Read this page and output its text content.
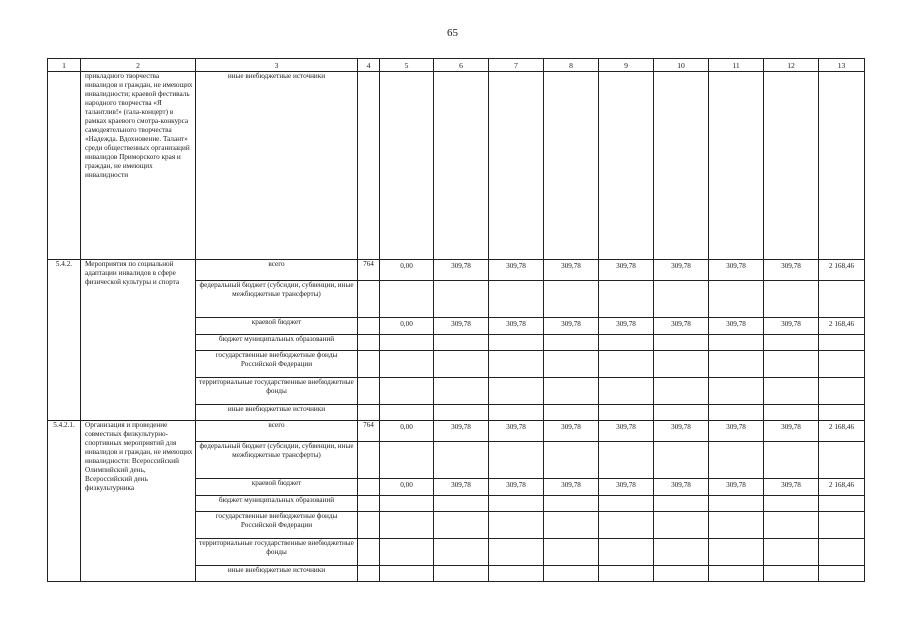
65
1	2	3	4	5	6	7	8	9	10	11	12	13
	прикладного творчества инвалидов и граждан, не имеющих инвалидности; краевой фестиваль народного творчества «Я талантлив!» (гала-концерт) в рамках краевого смотра-конкурса самодеятельного творчества «Надежда. Вдохновение. Талант» среди общественных организаций инвалидов Приморского края и граждан, не имеющих инвалидности	иные внебюджетные источники										
5.4.2.	Мероприятия по социальной адаптации инвалидов в сфере физической культуры и спорта	всего	764	0,00	309,78	309,78	309,78	309,78	309,78	309,78	309,78	2 168,46
		федеральный бюджет (субсидии, субвенции, иные межбюджетные трансферты)										
		краевой бюджет		0,00	309,78	309,78	309,78	309,78	309,78	309,78	309,78	2 168,46
		бюджет муниципальных образований										
		государственные внебюджетные фонды Российской Федерации										
		территориальные государственные внебюджетные фонды										
		иные внебюджетные источники										
5.4.2.1.	Организация и проведение совместных физкультурно-спортивных мероприятий для инвалидов и граждан, не имеющих инвалидности: Всероссийский Олимпийский день, Всероссийский день физкультурника	всего	764	0,00	309,78	309,78	309,78	309,78	309,78	309,78	309,78	2 168,46
		федеральный бюджет (субсидии, субвенции, иные межбюджетные трансферты)										
		краевой бюджет		0,00	309,78	309,78	309,78	309,78	309,78	309,78	309,78	2 168,46
		бюджет муниципальных образований										
		государственные внебюджетные фонды Российской Федерации										
		территориальные государственные внебюджетные фонды										
		иные внебюджетные источники										
